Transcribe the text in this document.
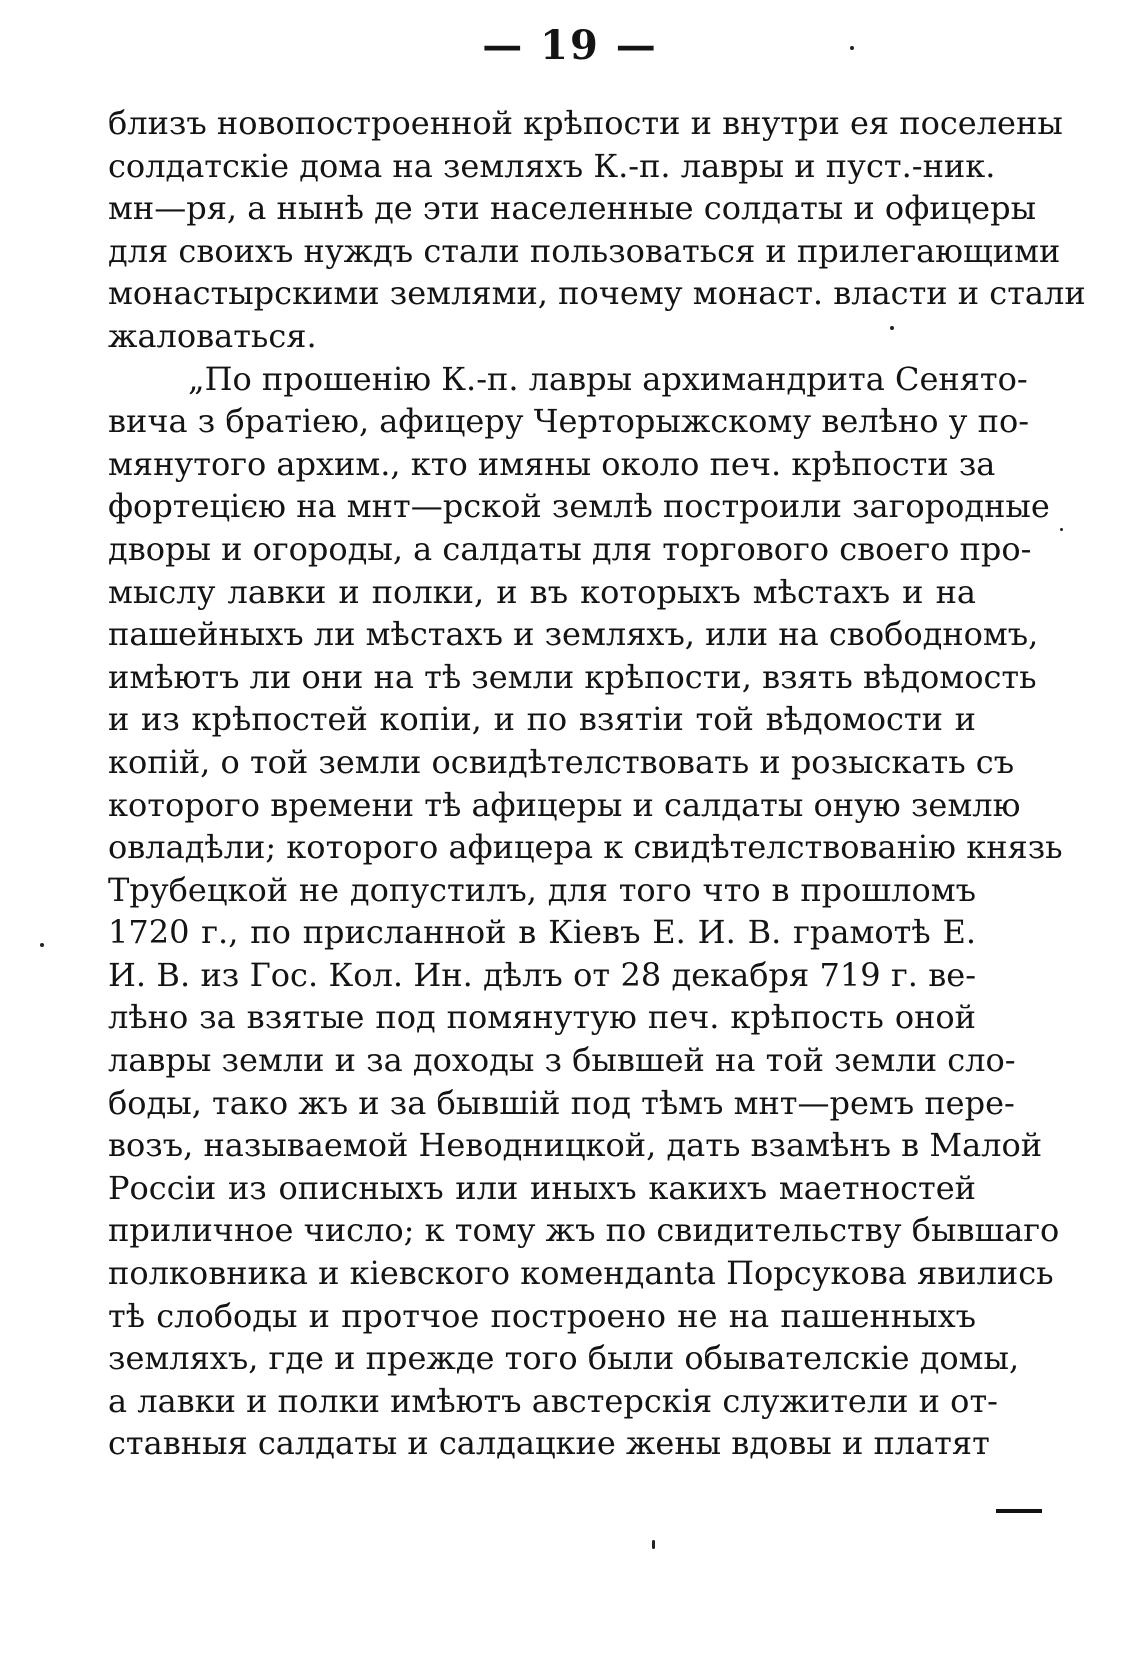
— 19 —
близъ новопостроенной крѣпости и внутри ея поселены
солдатскіе дома на земляхъ К.-п. лавры и пуст.-ник.
мн—ря, а нынѣ де эти населенные солдаты и офицеры
для своихъ нуждъ стали пользоваться и прилегающими
монастырскими землями, почему монаст. власти и стали
жаловаться.
„По прошенію К.-п. лавры архимандрита Сенято-
вича з братіею, афицеру Черторыжскому велѣно у по-
мянутого архим., кто имяны около печ. крѣпости за
фортецією на мнт—рской землѣ построили загородные
дворы и огороды, а салдаты для торгового своего про-
мыслу лавки и полки, и въ которыхъ мѣстахъ и на
пашейныхъ ли мѣстахъ и земляхъ, или на свободномъ,
имѣютъ ли они на тѣ земли крѣпости, взять вѣдомость
и из крѣпостей копіи, и по взятіи той вѣдомости и
копій, о той земли освидѣтелствовать и розыскать съ
которого времени тѣ афицеры и салдаты оную землю
овладѣли; которого афицера к свидѣтелствованію князь
Трубецкой не допустилъ, для того что в прошломъ
1720 г., по присланной в Кіевъ Е. И. В. грамотѣ Е.
И. В. из Гос. Кол. Ин. дѣлъ от 28 декабря 719 г. ве-
лѣно за взятые под помянутую печ. крѣпость оной
лавры земли и за доходы з бывшей на той земли сло-
боды, тако жъ и за бывшій под тѣмъ мнт—ремъ пере-
возъ, называемой Неводницкой, дать взамѣнъ в Малой
Россіи из описныхъ или иныхъ какихъ маетностей
приличное число; к тому жъ по свидительству бывшаго
полковника и кіевского комендanta Порсукова явились
тѣ слободы и протчое построено не на пашенныхъ
земляхъ, где и прежде того были обывателскіе домы,
а лавки и полки имѣютъ австерскія служители и от-
ставныя салдаты и салдацкие жены вдовы и платят
